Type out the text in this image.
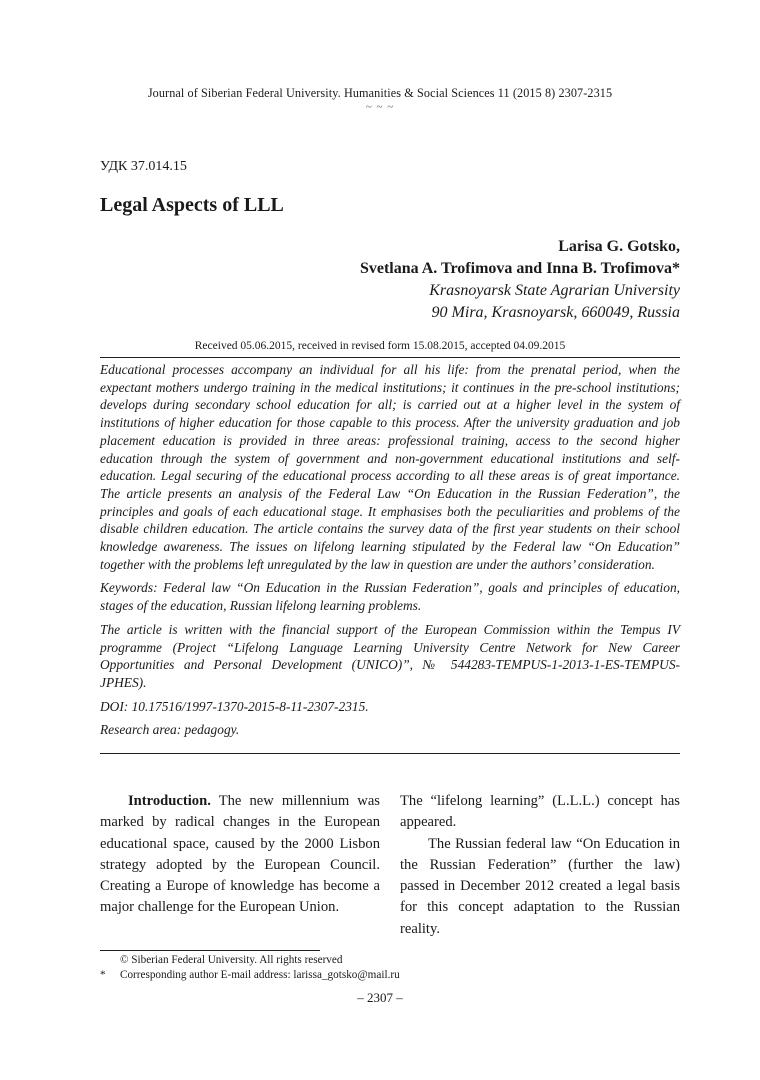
Journal of Siberian Federal University. Humanities & Social Sciences 11 (2015 8) 2307-2315
~ ~ ~
УДК 37.014.15
Legal Aspects of LLL
Larisa G. Gotsko,
Svetlana A. Trofimova and Inna B. Trofimova*
Krasnoyarsk State Agrarian University
90 Mira, Krasnoyarsk, 660049, Russia
Received 05.06.2015, received in revised form 15.08.2015, accepted 04.09.2015

Educational processes accompany an individual for all his life: from the prenatal period, when the expectant mothers undergo training in the medical institutions; it continues in the pre-school institutions; develops during secondary school education for all; is carried out at a higher level in the system of institutions of higher education for those capable to this process. After the university graduation and job placement education is provided in three areas: professional training, access to the second higher education through the system of government and non-government educational institutions and self-education. Legal securing of the educational process according to all these areas is of great importance. The article presents an analysis of the Federal Law “On Education in the Russian Federation”, the principles and goals of each educational stage. It emphasises both the peculiarities and problems of the disable children education. The article contains the survey data of the first year students on their school knowledge awareness. The issues on lifelong learning stipulated by the Federal law “On Education” together with the problems left unregulated by the law in question are under the authors’ consideration.

Keywords: Federal law “On Education in the Russian Federation”, goals and principles of education, stages of the education, Russian lifelong learning problems.

The article is written with the financial support of the European Commission within the Tempus IV programme (Project “Lifelong Language Learning University Centre Network for New Career Opportunities and Personal Development (UNICO)”, № 544283-TEMPUS-1-2013-1-ES-TEMPUS-JPHES).

DOI: 10.17516/1997-1370-2015-8-11-2307-2315.

Research area: pedagogy.

Introduction. The new millennium was marked by radical changes in the European educational space, caused by the 2000 Lisbon strategy adopted by the European Council. Creating a Europe of knowledge has become a major challenge for the European Union.

The “lifelong learning” (L.L.L.) concept has appeared.

The Russian federal law “On Education in the Russian Federation” (further the law) passed in December 2012 created a legal basis for this concept adaptation to the Russian reality.

© Siberian Federal University. All rights reserved
* Corresponding author E-mail address: larissa_gotsko@mail.ru
– 2307 –
